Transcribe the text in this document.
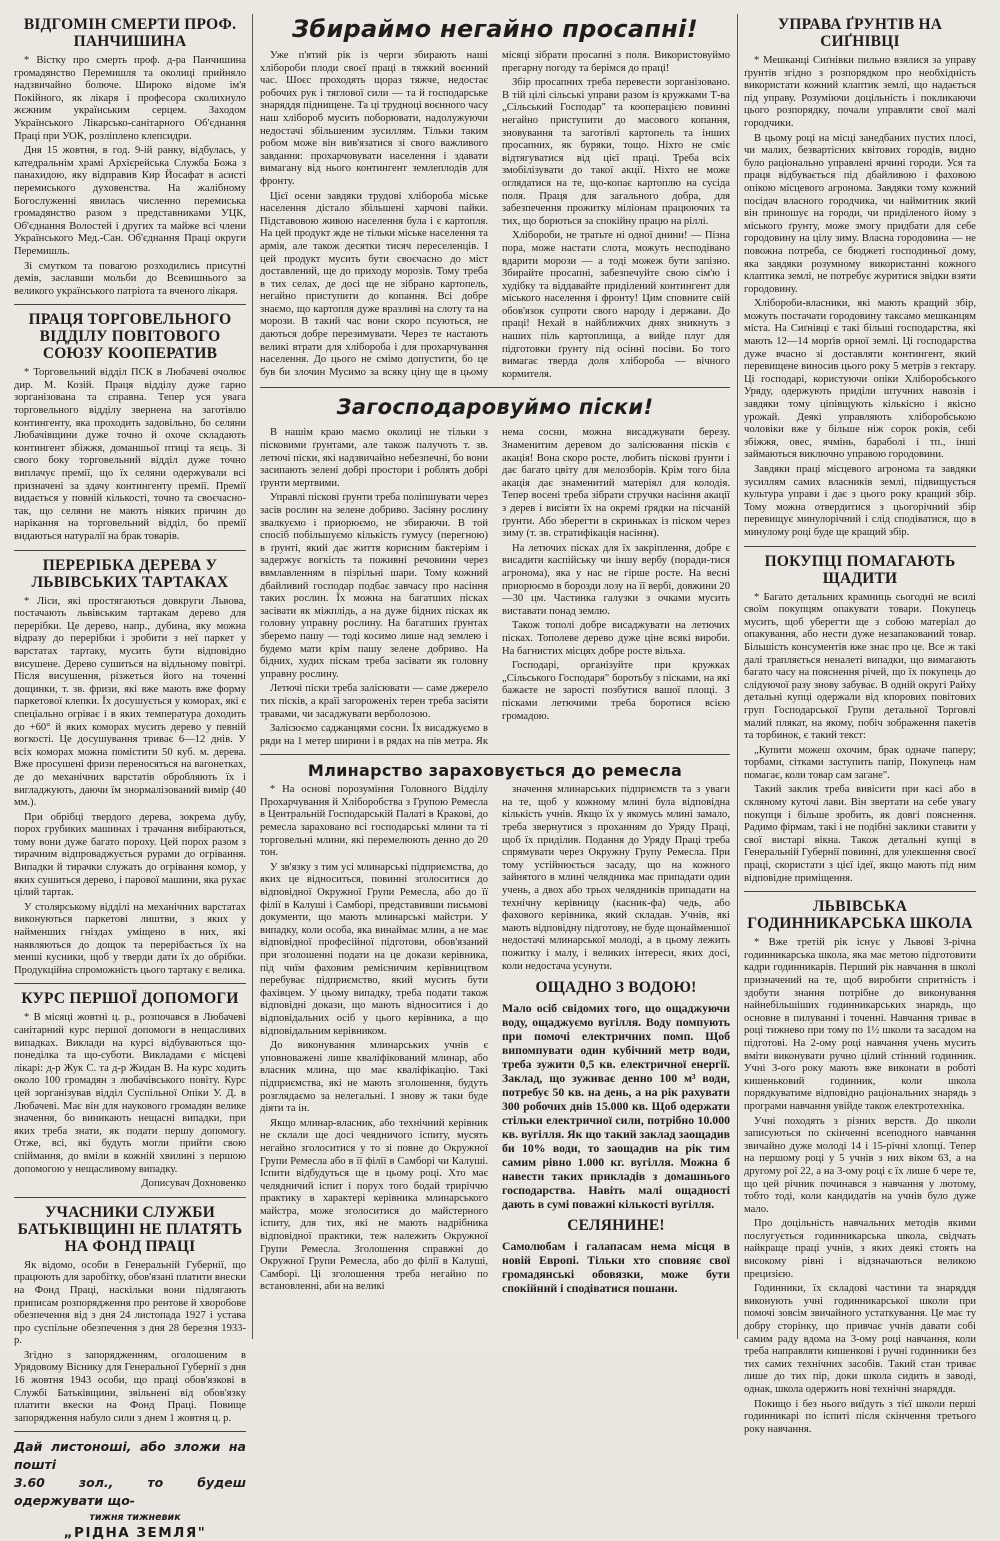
ВІДГОМІН СМЕРТИ ПРОФ. ПАНЧИШИНА

* Вістку про смерть проф. д-ра Панчишина громадянство Перемишля та околиці прийняло надзвичайно болюче. Широко відоме ім'я Покійного, як лікаря і професора сколихнуло жєжним українським серцем. Заходом Українського Лікарсько-санітарного Об'єднання Праці при УОК, розліплено клепсидри.

Дня 15 жовтня, в год. 9-ій ранку, відбулась, у катедральнім храмі Архієрейська Служба Божа з панахидою, яку відправив Кир Йосафат в асисті перемиського духовенства. На жалібному Богослуженні явилась численно перемиська громадянство разом з представниками УЦК, Об'єднання Волостей і других та майже всі члени Українського Мед.-Сан. Об'єднання Праці округи Перемишль.

Зі смутком та повагою розходились присутні демів, заславши мольби до Всевишнього за великого українського патріота та вченого лікаря.

ПРАЦЯ ТОРГОВЕЛЬНОГО ВІДДІЛУ ПОВІТОВОГО СОЮЗУ КООПЕРАТИВ

* Торговельний відділ ПСК в Любачеві очолює дир. М. Козій. Праця відділу дуже гарно зорганізована та справна. Тепер уся увага торговельного відділу звернена на заготівлю контингенту, яка проходить задовільно, бо селяни Любачівщини дуже точно й охоче складають контингент збіжжя, доманшьої птиці та яєць. Зі свого боку торговельний відділ дуже точно виплачує премії, що їх селяни одержували всі призначені за здачу контингенту премії. Премії видається у повній кількості, точно та своєчасно-так, що селяни не мають ніяких причин до нарікання на торговельний відділ, бо премії видаються натуралії на брак товарів.

ПЕРЕРІБКА ДЕРЕВА У ЛЬВІВСЬКИХ ТАРТАКАХ

* Ліси, які простягаються довкруги Львова, постачають львівським тартакам дерево для перерібки. Це дерево, напр., дубина, яку можна відразу до перерібки і зробити з неї паркет у варстатах тартаку, мусить бути відповідно висушене. Дерево сушиться на відльному повітрі. Після висушення, різжеться його на точенні дощинки, т. зв. фризи, які вже мають вже форму паркетової клепки. Їх досушується у коморах, які є спеціально огріває і в яких температура доходить до +60° й яких коморах мусить дерево у певній вогкості. Це досушування триває 6—12 днів. У всіх коморах можна помістити 50 куб. м. дерева. Вже просушені фризи переносяться на вагонетках, де до механічних варстатів обробляють їх і вигладжують, даючи їм знормалізований вимір (40 мм.).

При обрібці твердого дерева, зокрема дубу, порох грубиких машинах і трачання вибіраються, тому вони дуже багато пороху. Цей порох разом з тирачним відпроваджується рурами до огрівання. Випадки й тирачки служать до огрівання комор, у яких сушиться дерево, і парової машини, яка рухає цілий тартак.

У столярському відділі на механічних варстатах виконуються паркетові лиштви, з яких у найменших гніздах уміщено в них, які наявляються до дощок та перерібається їх на менші кусники, щоб у тверди дати їх до обрібки. Продукційна спроможність цього тартаку є велика.

КУРС ПЕРШОЇ ДОПОМОГИ

* В місяці жовтні ц. р., розпочався в Любачеві санітарний курс першої допомоги в нещасливих випадках. Виклади на курсі відбуваються що-понеділка та що-суботи. Викладами є місцеві лікарі: д-р Жук С. та д-р Жидан В. На курс ходить около 100 громадян з любачівського повіту. Курс цей зорганізував відділ Суспільної Опіки У. Д. в Любачеві. Має він для наукового громадян велике значення, бо виникають нещасні випадки, при яких треба знати, як подати першу допомогу. Отже, всі, які будуть могли прийти свою спіймання, до вміли в кожній хвилині з першою допомогою у нещасливому випадку.

Дописувач Дохновенко

УЧАСНИКИ СЛУЖБИ БАТЬКІВЩИНІ НЕ ПЛАТЯТЬ НА ФОНД ПРАЦІ

Як відомо, особи в Генеральній Губернії, що працюють для заробітку, обов'язані платити внески на Фонд Праці, наскільки вони підлягають приписам розпорядження про рентове й хворобове обезпечення від з дня 24 листопада 1927 і устава про суспільне обезпечення з дня 28 березня 1933-р.

Згідно з запорядженням, оголошеним в Урядовому Віснику для Генеральної Губернії з дня 16 жовтня 1943 особи, що праці обов'язкові в Службі Батьківщини, звільнені від обов'язку платити вкески на Фонд Праці. Повище запорядження набуло сили з днем 1 жовтня ц. р.

Дай листоноші, або зложи на пошті

3.60 зол., то будеш одержувати що-

тижня тижневик

„РІДНА ЗЕМЛЯ"

Збираймо негайно просапні!

Уже п'ятий рік із черги збирають наші хлібороби плоди своєї праці в тяжкий воєнний час. Шоєс проходять щораз тяжче, недостає робочих рук і тяглової сили — та й господарське знаряддя піднищене. Та ці трудноці воєнного часу наш хлібороб мусить поборювати, надолужуючи недостачі збільшеним зусиллям. Тільки таким робом може він вив'язатися зі свого важливого завдання: прохарчовувати населення і здавати вимагану від нього контингент землеплодів для фронту.

Цієї осени завдяки трудові хлібороба міське населення дістало збільшені харчові пайки. Підставовою живою населення була і є картопля. На цей продукт жде не тільки міське населення та армія, але також десятки тисяч переселенців. І цей продукт мусить бути своєчасно до міст доставлений, ще до приходу морозів. Тому треба в тих селах, де досі ще не зібрано картопель, негайно приступити до копання. Всі добре знаємо, що картопля дуже вразливі на слоту та на морози. В такий час вони скоро псуються, не даються добре перезимувати. Через те настають великі втрати для хлібороба і для прохарчування населення. До цього не смімо допустити, бо це був би злочин Мусимо за всяку ціну ще в цьому місяці зібрати просапні з поля. Використовуймо прегарну погоду та берімся до праці!

Збір просапних треба перевести зорганізовано. В тій цілі сільські управи разом із кружками Т-ва „Сільський Господар" та кооперацією повинні негайно приступити до масового копання, зновування та заготівлі картопель та інших просапних, як буряки, тощо. Ніхто не сміє відтягуватися від цієї праці. Треба всіх змобілізувати до такої акції. Ніхто не може оглядатися на те, що-копає картоплю на сусіда поля. Праця для загального добра, для забезпечення прожитку міліонам працюючих та тих, що борються за спокійну працю на ріллі.

Хлібороби, не тратьте ні одної днини! — Пізна пора, може настати слота, можуть несподівано вдарити морози — а тоді можеж бути запізно. Збирайте просапні, забезпечуйте свою сім'ю і худібку та віддавайте приділений контингент для міського населення і фронту! Цим сповните свій обов'язок супроти свого народу і держави. До праці! Нехай в найближчих днях зникнуть з наших піль картоплища, а вийде плуг для підготовки ґрунту під осінні посіви. Бо того вимагає тверда доля хлібороба — вічного кормителя.

Загосподаровуймо піски!

В нашім краю маємо околиці не тільки з пісковими ґрунтами, але також палучоть т. зв. летючі піски, які надзвичайно небезпечні, бо вони засипають зелені добрі простори і роблять добрі ґрунти мертвими.

Управлі піскові ґрунти треба поліпшувати через засів рослин на зелене добриво. Засіяну рослину звалкуємо і приорюємо, не збираючи. В той спосіб побільшуємо кількість гумусу (перегною) в ґрунті, який дає життя корисним бактеріям і задержує вогкість та поживні речовини через ввмлавленням в пізрільні шари. Тому кожний дбайливий господар подбає завчасу про насіння таких рослин. Їх можна на багатших пісках засівати як міжплідь, а на дуже бідних пісках як головну управну рослину. На багатших ґрунтах зберемо пашу — тоді косимо лише над землею і будемо мати крім пашу зелене добриво. На бідних, худих піскам треба засівати як головну управну рослину.

Летючі піски треба залісювати — саме джерело тих пісків, а країі загороженіх терен треба засіяти травами, чи засаджувати верболозою.

Залісюємо саджанцями сосни. Їх висаджуємо в ряди на 1 метер ширини і в рядах на пів метра. Як нема сосни, можна висаджувати березу. Знаменитим деревом до залісювання пісків є акація! Вона скоро росте, любить піскові ґрунти і дає багато цвіту для мелозборів. Крім того біла акація дає знаменитий матеріял для колодія. Тепер восені треба зібрати стручки насіння акації з дерев і висіяти їх на окремі ґрядки на пісчаній ґрунти. Або зберегти в скриньках із піском через зиму (т. зв. стратифікація насіння).

На летючих пісках для їх закріплення, добре є висадити каспійську чи іншу вербу (поради-тися агронома), яка у нас не гірше росте. На весні приорюємо в борозди лозу на її вербі, довжини 20—30 цм. Частинка галузки з очками мусить виставати понад землю.

Також тополі добре висаджувати на летючих пісках. Тополеве дерево дуже ціне всякі вироби. На багнистих місцях добре росте вільха.

Господарі, організуйте при кружках „Сільського Господаря" боротьбу з пісками, на які бажаєте не зарості позбутися вашої площі. З пісками летючими треба боротися всією громадою.

Млинарство зараховується до ремесла

* На основі порозуміння Головного Відділу Прохарчування й Хліборобства з Групою Ремесла в Центральній Господарській Палаті в Кракові, до ремесла зараховано всі господарські млини та ті торговельні млини, які перемелюють денно до 20 тон.

У зв'язку з тим усі млинарські підприємства, до яких це відноситься, повинні зголоситися до відповідної Окружної Групи Ремесла, або до її філії в Калуші і Самборі, представивши письмові документи, що мають млинарські майстри. У випадку, коли особа, яка винаймає млин, а не має відповідної професійної підготови, обов'язаний при зголошенні подати на це докази керівника, під чиїм фаховим ремісничим керівництвом перебуває підприємство, який мусить бути фахівцем. У цьому випадку, треба подати також відповідні докази, що мають відноситися і до відповідальних осіб у цього керівника, а що відповідальним керівником.

До виконування млинарських учнів є уповноважені лише кваліфікований млинар, або власник млина, що має кваліфікацію. Такі підприємства, які не мають зголошення, будуть розглядаємо за нелегальні. І знову ж таки буде діяти та ін.

Якщо млинар-власник, або технічний керівник не склали ще досі чеядничого іспиту, мусять негайно зголоситися у то зі повне до Окружної Групи Ремесла або в її філії в Самборі чи Калуші. Іспити відбудуться ще в цьому році. Хто має челядничий іспит і порух того бодай триріччю практику в характері керівника млинарського майстра, може зголоситися до майстерного іспиту, для тих, які не мають надрібника відповідної практики, теж належить Окружної Групи Ремесла. Зголошення справжні до Окружної Групи Ремесла, або до філії в Калуші, Самборі. Ці зголошення треба негайно по встановленні, аби на великі

значення млинарських підприємств та з уваги на те, щоб у кожному млині була відповідна кількість учнів. Якщо їх у якомусь млині замало, треба звернутися з проханням до Уряду Праці, щоб їх приділив. Подання до Уряду Праці треба спрямувати через Окружну Групу Ремесла. При тому устійнюється засаду, що на кожного зайнятого в млині челядника має припадати один учень, а двох або трьох челядників припадати на технічну керівницу (касник-фа) чедь, або фахового керівника, який складав. Учнів, які мають відповідну підготову, не буде щонайменшої недостачі млинарської молоді, а в цьому лежить пожитку і малу, і великих інтереси, яких досі, коли недостача усунути.

ОЩАДНО З ВОДОЮ!

Мало осіб свідомих того, що ощаджуючи воду, ощаджуємо вугілля. Воду помпують при помочі електричних помп. Щоб випомпувати один кубічний метр води, треба зужити 0,5 кв. електричної енергії. Заклад, що зуживає денно 100 м³ води, потребує 50 кв. на день, а на рік рахувати 300 робочих днів 15.000 кв. Щоб одержати стільки електричної сили, потрібно 10.000 кв. вугілля. Як що такий заклад заощадив би 10% води, то заощадив на рік тим самим рівно 1.000 кг. вугілля. Можна б навести таких прикладів з домашнього господарства. Навіть малі ощадності дають в сумі поважні кількості вугілля.

СЕЛЯНИНЕ!

Самолюбам і галапасам нема місця в новій Европі. Тільки хто сповняє свої громадянські обовязки, може бути спокійний і сподіватися пошани.

УПРАВА ҐРУНТІВ НА СИҐНІВЦІ

* Мешканці Сиґнівки пильно взялися за управу ґрунтів згідно з розпорядком про необхідність використати кожний клаптик землі, що надається під управу. Розуміючи доцільність і покликаючи цього розпорядку, почали управляти свої малі городчики.

В цьому році на місці занедбаних пустих плосі, чи малих, безвартісних квітових городів, видно було раціонально управлені ярчині городи. Уся та праця відбувається під дбайливою і фаховою опікою місцевого агронома. Завдяки тому кожний посідач власного городчика, чи наймитник який він приношує на городи, чи приділеного йому з міського ґрунту, може змогу придбати для себе городовину на цілу зиму. Власна городовина — не повожна потреба, се бюджеті господиньої дому, яка завдяки розумному використанні кожного клаптика землі, не потребує журитися звідки взяти городовину.

Хлібороби-власники, які мають кращий збір, можуть постачати городовину таксамо мешканцям міста. На Сиґнівці є такі більші господарства, які мають 12—14 морґів орної землі. Ці господарства дуже вчасно зі доставляти контингент, який перевищене виносив цього року 5 метрів з гектару. Ці господарі, користуючи опіки Хліборобського Уряду, одержують приділи штучних навозів і завдяки тому ціпівщують кількісно і якісно урожай. Деякі управляють хліборобською чоловіки вже у більше ніж сорок років, себі збіжжя, овес, ячмінь, бараболі і тп., інші займаються виключно управою городовини.

Завдяки праці місцевого агронома та завдяки зусиллям самих власників землі, підвищується культура управи і дає з цього року кращий збір. Тому можна отвердитися з цьогорічний збір перевищує минулорічний і слід сподіватися, що в минулому році буде ще кращий збір.

ПОКУПЦІ ПОМАГАЮТЬ ЩАДИТИ

* Багато детальних крамниць сьогодні не всилі своїм покупцям опакувати товари. Покупець мусить, щоб уберегти ще з собою матеріал до опакування, або нести дуже незапакований товар. Більшість консументів вже знає про це. Все ж такі далі трапляється неналеті випадки, що вимагають багато часу на пояснення річей, що їх покупець до слідуючої разу знову забуває. В одній округі Райху детальні купці одержали від кпорових повітових груп Господарської Групи детальної Торговлі малий плякат, на якому, побіч зображення пакетів та торбинок, є такий текст:

„Купити можеш охочим, брак одначе паперу; торбами, сітками заступить папір, Покупець нам помагає, коли товар сам загане".

Такий заклик треба вивісити при касі або в скляному куточі лави. Він звертати на себе увагу покупця і більше зробить, як довгі пояснення. Радимо фірмам, такі і не подібні заклики ставити у свої вистарі вікна. Також детальні купці в Генеральній Губернії повинні, для улекшення своєї праці, скористати з цієї ідеї, якщо мають під ним відповідне приміщення.

ЛЬВІВСЬКА ГОДИННИКАРСЬКА ШКОЛА

* Вже третій рік існує у Львові 3-річна годинникарська школа, яка має метою підготовити кадри годинникарів. Перший рік навчання в школі призначений на те, щоб виробити спритність і здобути знання потрібне до виконування найнебільшіших годинникарських знарядь, що основне в пилуванні і точенні. Навчання триває в році тижнево при тому по 1½ школи та засадом на підготові. На 2-ому році навчання учень мусить вміти виконувати ручно цілий стінний годинник. Учні 3-ого року мають вже виконати в роботі кишеньковий годинник, коли школа порядкуватиме відповідно раціональних знарядь з програми навчання увійде також електротехніка.

Учні походять з різних верств. До школи записуються по скінченні всеподного навчання звичайно дуже молоді 14 і 15-річні хлопці. Тепер на першому році у 5 учнів з них віком 63, а на другому рої 22, а на 3-ому році є їх лише 6 чере те, що цей річник починався з навчання у лютому, тобто тоді, коли кандидатів на учнів було дуже мало.

Про доцільність навчальних методів якими послугується годинникарська школа, свідчать найкраще праці учнів, з яких деякі стоять на високому рівні і відзначаються великою прецизією.

Годинники, їх складові частини та знаряддя виконують учні годинникарської школи при помочі зовсім звичайного устаткування. Це має ту добру сторінку, що привчає учнів давати собі самим раду вдома на 3-ому році навчання, коли треба направляти кишенкові і ручні годинники без тих самих технічних засобів. Такий стан триває лише до тих пір, доки школа сидить в заводі, однак, школа одержить нові технічні знаряддя.

Покищо і без нього виїдуть з тієї школи перші годинникарі по іспиті після скінчення третього року навчання.
